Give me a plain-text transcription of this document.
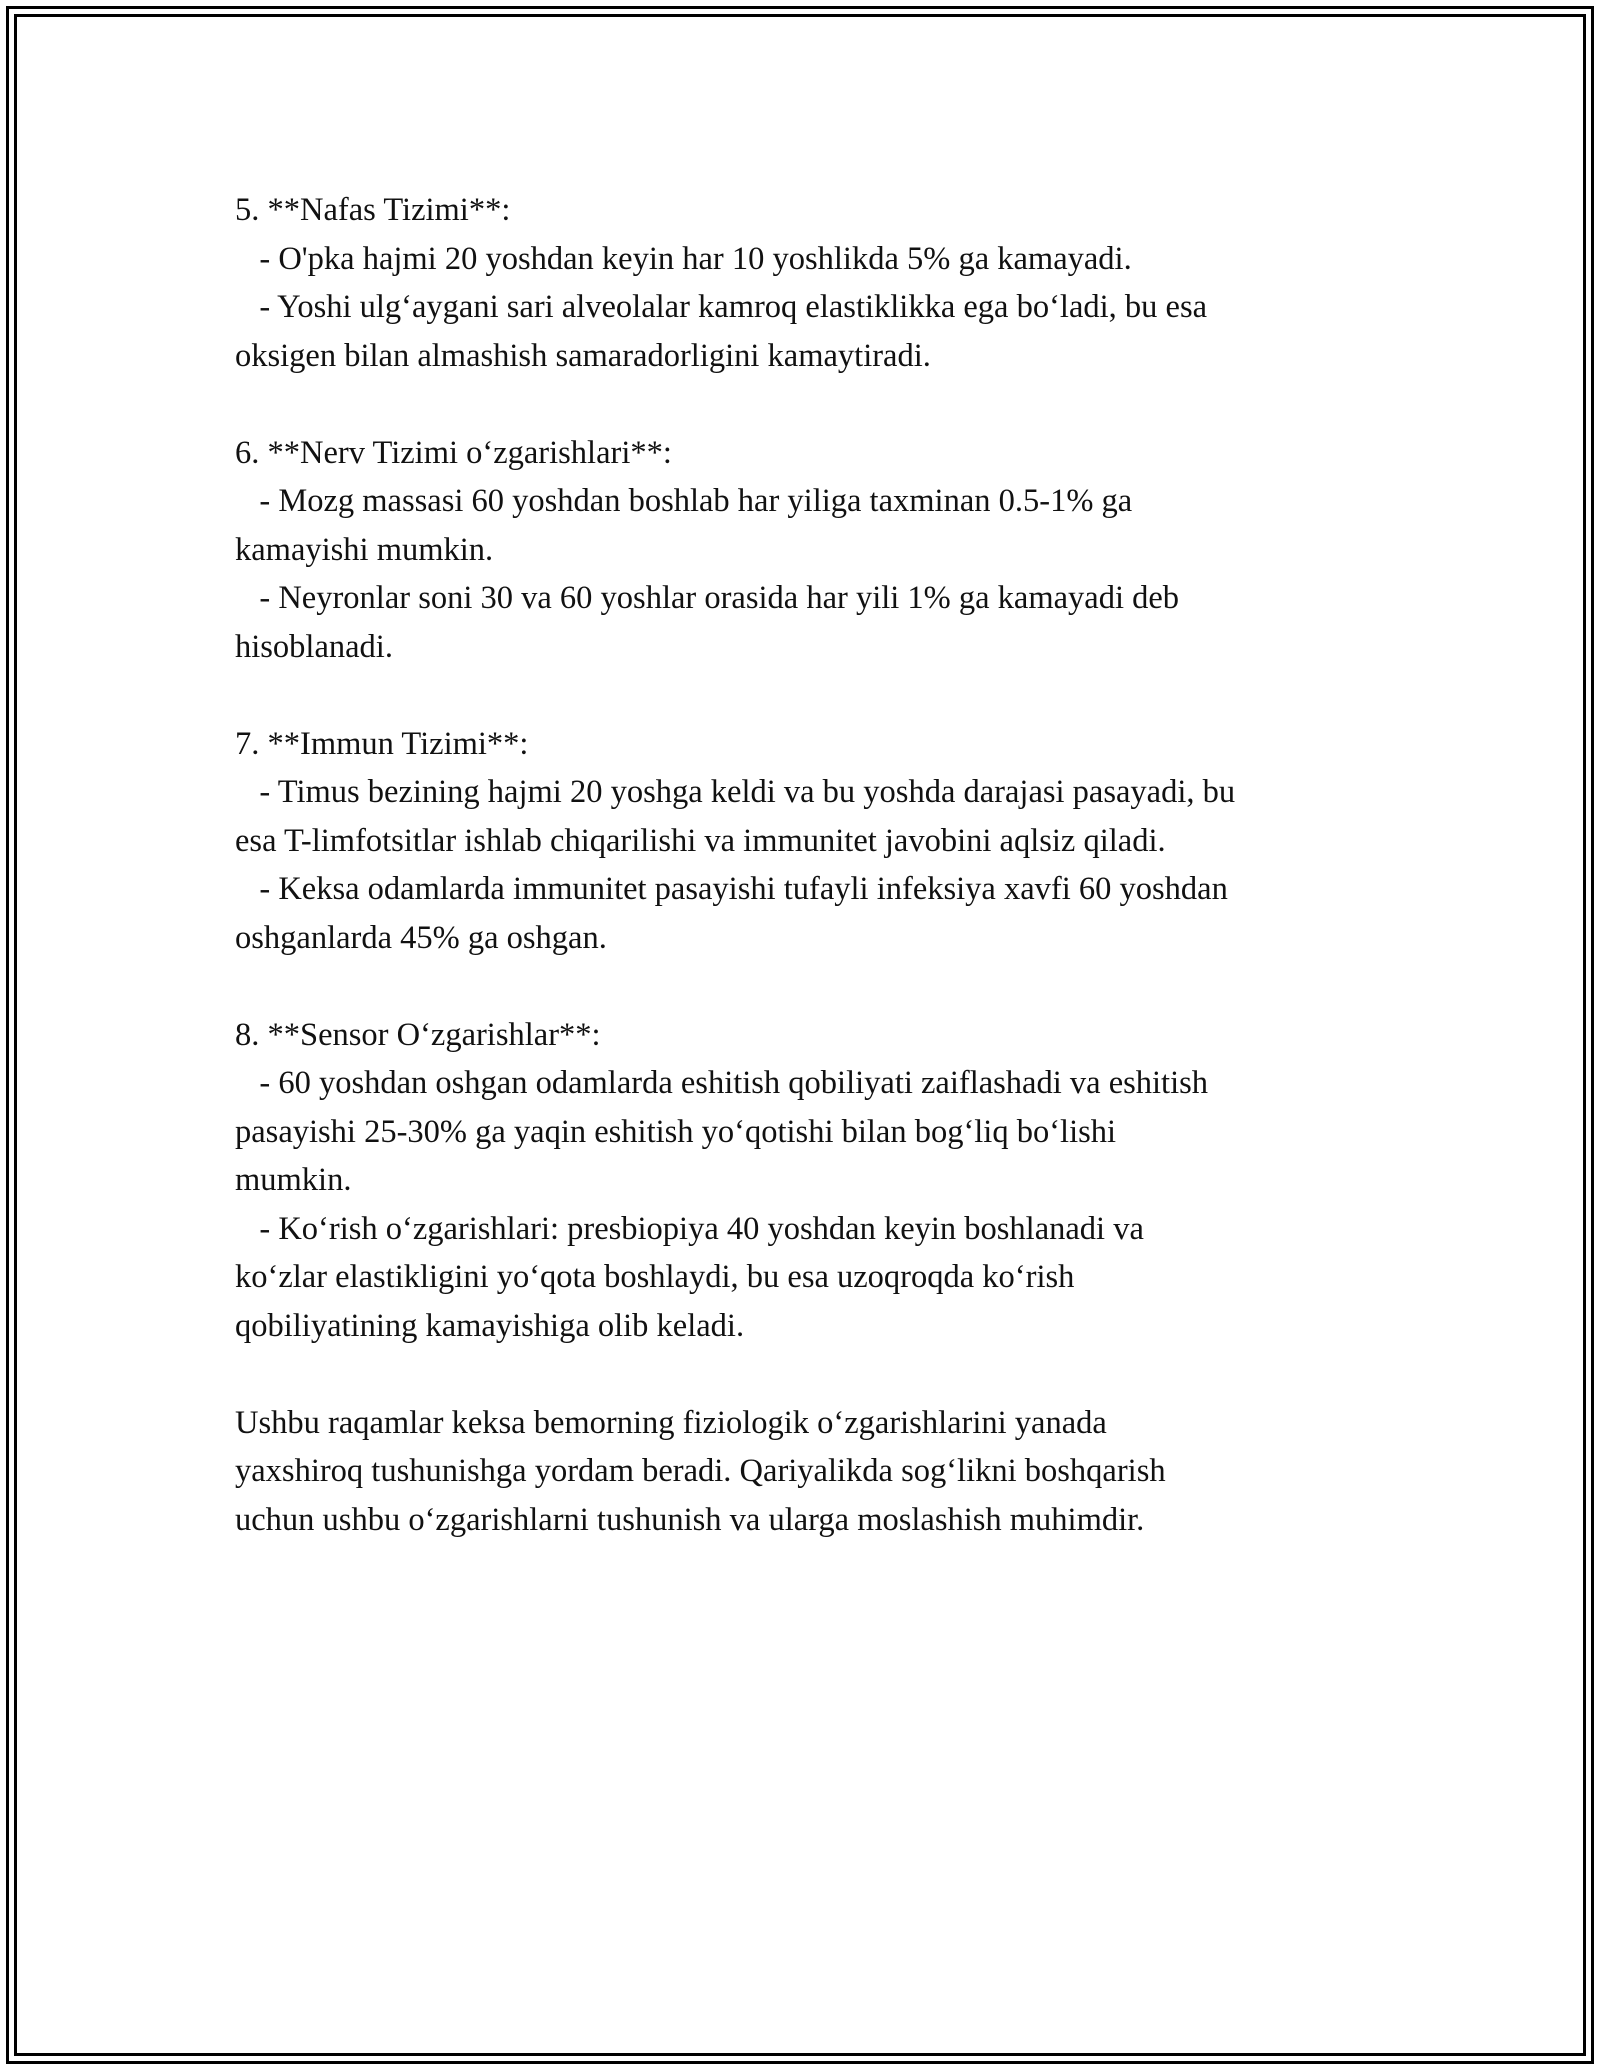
5. **Nafas Tizimi**:
- O'pka hajmi 20 yoshdan keyin har 10 yoshlikda 5% ga kamayadi.
- Yoshi ulg‘aygani sari alveolalar kamroq elastiklikka ega bo‘ladi, bu esa
oksigen bilan almashish samaradorligini kamaytiradi.
6. **Nerv Tizimi o‘zgarishlari**:
- Mozg massasi 60 yoshdan boshlab har yiliga taxminan 0.5-1% ga
kamayishi mumkin.
- Neyronlar soni 30 va 60 yoshlar orasida har yili 1% ga kamayadi deb
hisoblanadi.
7. **Immun Tizimi**:
- Timus bezining hajmi 20 yoshga keldi va bu yoshda darajasi pasayadi, bu
esa T-limfotsitlar ishlab chiqarilishi va immunitet javobini aqlsiz qiladi.
- Keksa odamlarda immunitet pasayishi tufayli infeksiya xavfi 60 yoshdan
oshganlarda 45% ga oshgan.
8. **Sensor O‘zgarishlar**:
- 60 yoshdan oshgan odamlarda eshitish qobiliyati zaiflashadi va eshitish
pasayishi 25-30% ga yaqin eshitish yo‘qotishi bilan bog‘liq bo‘lishi
mumkin.
- Ko‘rish o‘zgarishlari: presbiopiya 40 yoshdan keyin boshlanadi va
ko‘zlar elastikligini yo‘qota boshlaydi, bu esa uzoqroqda ko‘rish
qobiliyatining kamayishiga olib keladi.
Ushbu raqamlar keksa bemorning fiziologik o‘zgarishlarini yanada
yaxshiroq tushunishga yordam beradi. Qariyalikda sog‘likni boshqarish
uchun ushbu o‘zgarishlarni tushunish va ularga moslashish muhimdir.
